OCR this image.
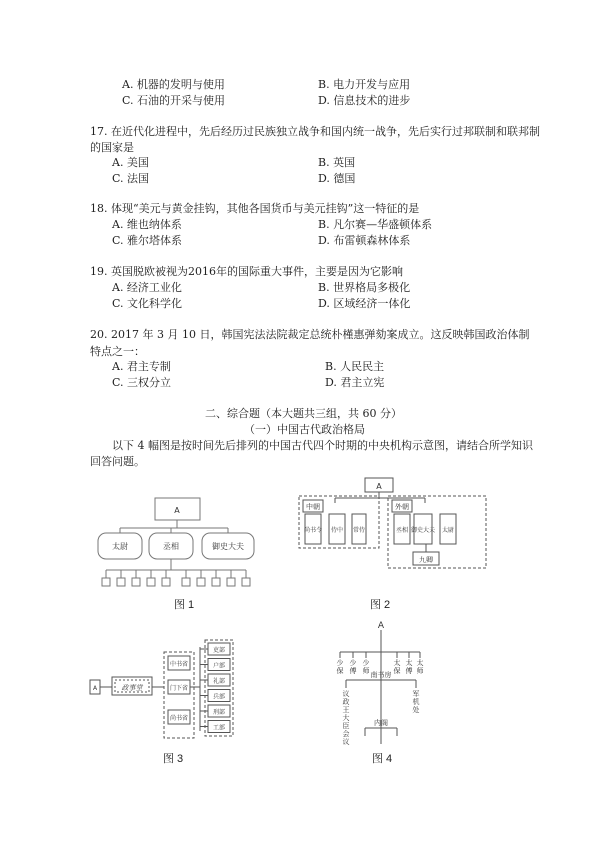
A. 机器的发明与使用	B. 电力开发与应用
C. 石油的开采与使用	D. 信息技术的进步
17. 在近代化进程中，先后经历过民族独立战争和国内统一战争，先后实行过邦联制和联邦制
的国家是
A. 美国	B. 英国
C. 法国	D. 德国
18. 体现“美元与黄金挂钩，其他各国货币与美元挂钩”这一特征的是
A. 维也纳体系	B. 凡尔赛—华盛顿体系
C. 雅尔塔体系	D. 布雷顿森林体系
19. 英国脱欧被视为2016年的国际重大事件，主要是因为它影响
A. 经济工业化	B. 世界格局多极化
C. 文化科学化	D. 区域经济一体化
20. 2017 年 3 月 10 日，韩国宪法法院裁定总统朴槿惠弹劾案成立。这反映韩国政治体制
特点之一：
A. 君主专制	B. 人民民主
C. 三权分立	D. 君主立宪
二、综合题（本大题共三组，共 60 分）
（一）中国古代政治格局
以下 4 幅图是按时间先后排列的中国古代四个时期的中央机构示意图，请结合所学知识
回答问题。
A
太尉	丞相	御史大夫
图 1
中朝	外朝
A
尚书令 侍中 常侍	丞相 御史大夫 太尉
九卿
图 2
A	政事堂
中书省
门下省
尚书省
吏部
户部
礼部
兵部
刑部
工部
图 3
A
少保
少傅
少师
太保
太傅
太师
南书房
内阁
议政王大臣会议
军机处
图 4
